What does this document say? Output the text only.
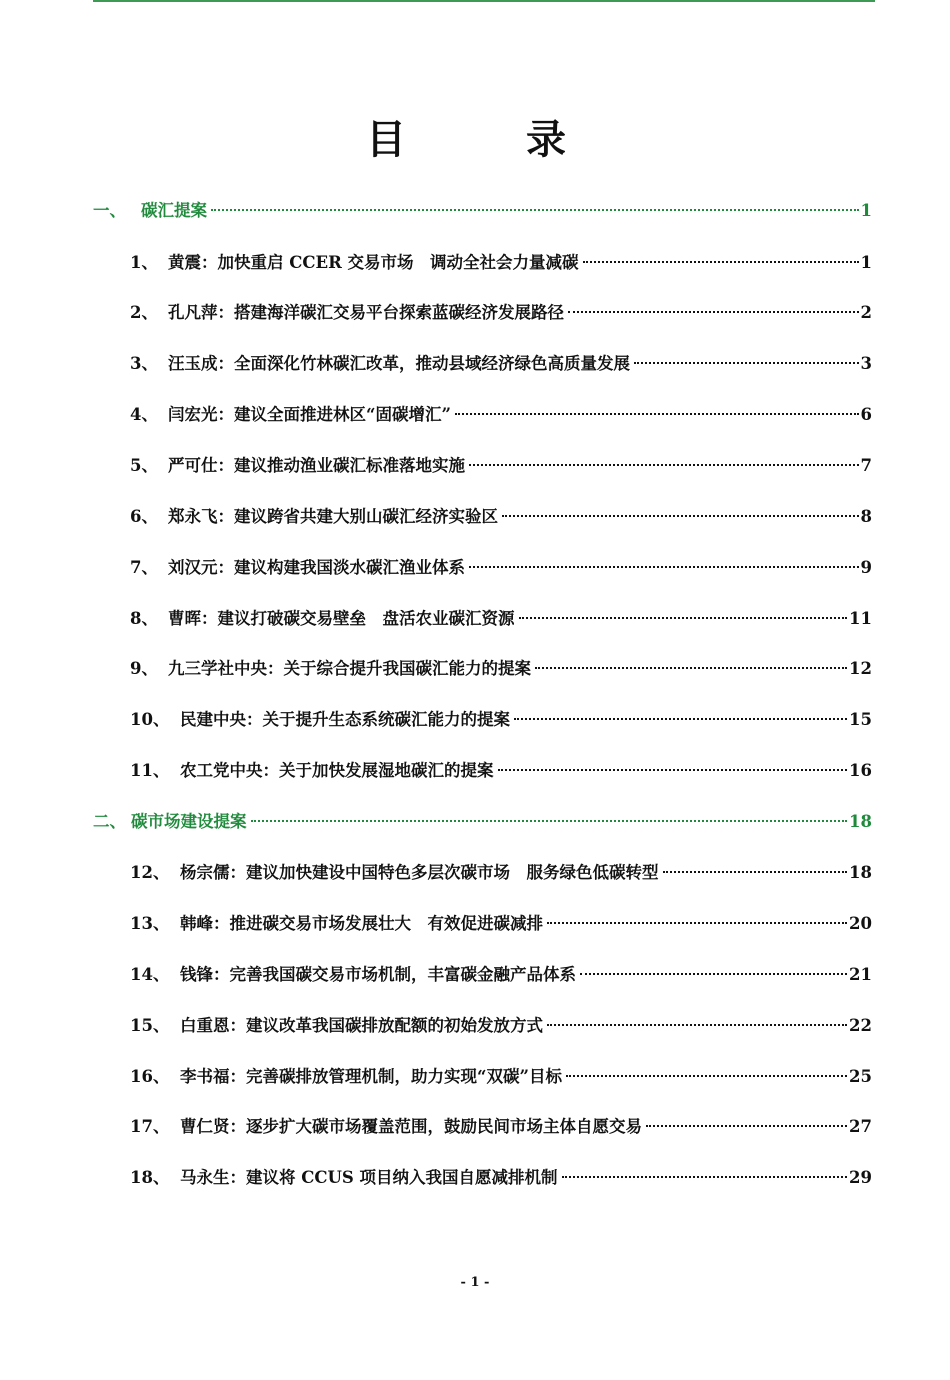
目　录
一、 碳汇提案	1
1、 黄震：加快重启 CCER 交易市场　调动全社会力量减碳	1
2、 孔凡萍：搭建海洋碳汇交易平台探索蓝碳经济发展路径	2
3、 汪玉成：全面深化竹林碳汇改革，推动县域经济绿色高质量发展	3
4、 闫宏光：建议全面推进林区“固碳增汇”	6
5、 严可仕：建议推动渔业碳汇标准落地实施	7
6、 郑永飞：建议跨省共建大别山碳汇经济实验区	8
7、 刘汉元：建议构建我国淡水碳汇渔业体系	9
8、 曹晖：建议打破碳交易壁垒　盘活农业碳汇资源	11
9、 九三学社中央：关于综合提升我国碳汇能力的提案	12
10、 民建中央：关于提升生态系统碳汇能力的提案	15
11、 农工党中央：关于加快发展湿地碳汇的提案	16
二、 碳市场建设提案	18
12、 杨宗儒：建议加快建设中国特色多层次碳市场　服务绿色低碳转型	18
13、 韩峰：推进碳交易市场发展壮大　有效促进碳减排	20
14、 钱锋：完善我国碳交易市场机制，丰富碳金融产品体系	21
15、 白重恩：建议改革我国碳排放配额的初始发放方式	22
16、 李书福：完善碳排放管理机制，助力实现“双碳”目标	25
17、 曹仁贤：逐步扩大碳市场覆盖范围，鼓励民间市场主体自愿交易	27
18、 马永生：建议将 CCUS 项目纳入我国自愿减排机制	29
- 1 -
